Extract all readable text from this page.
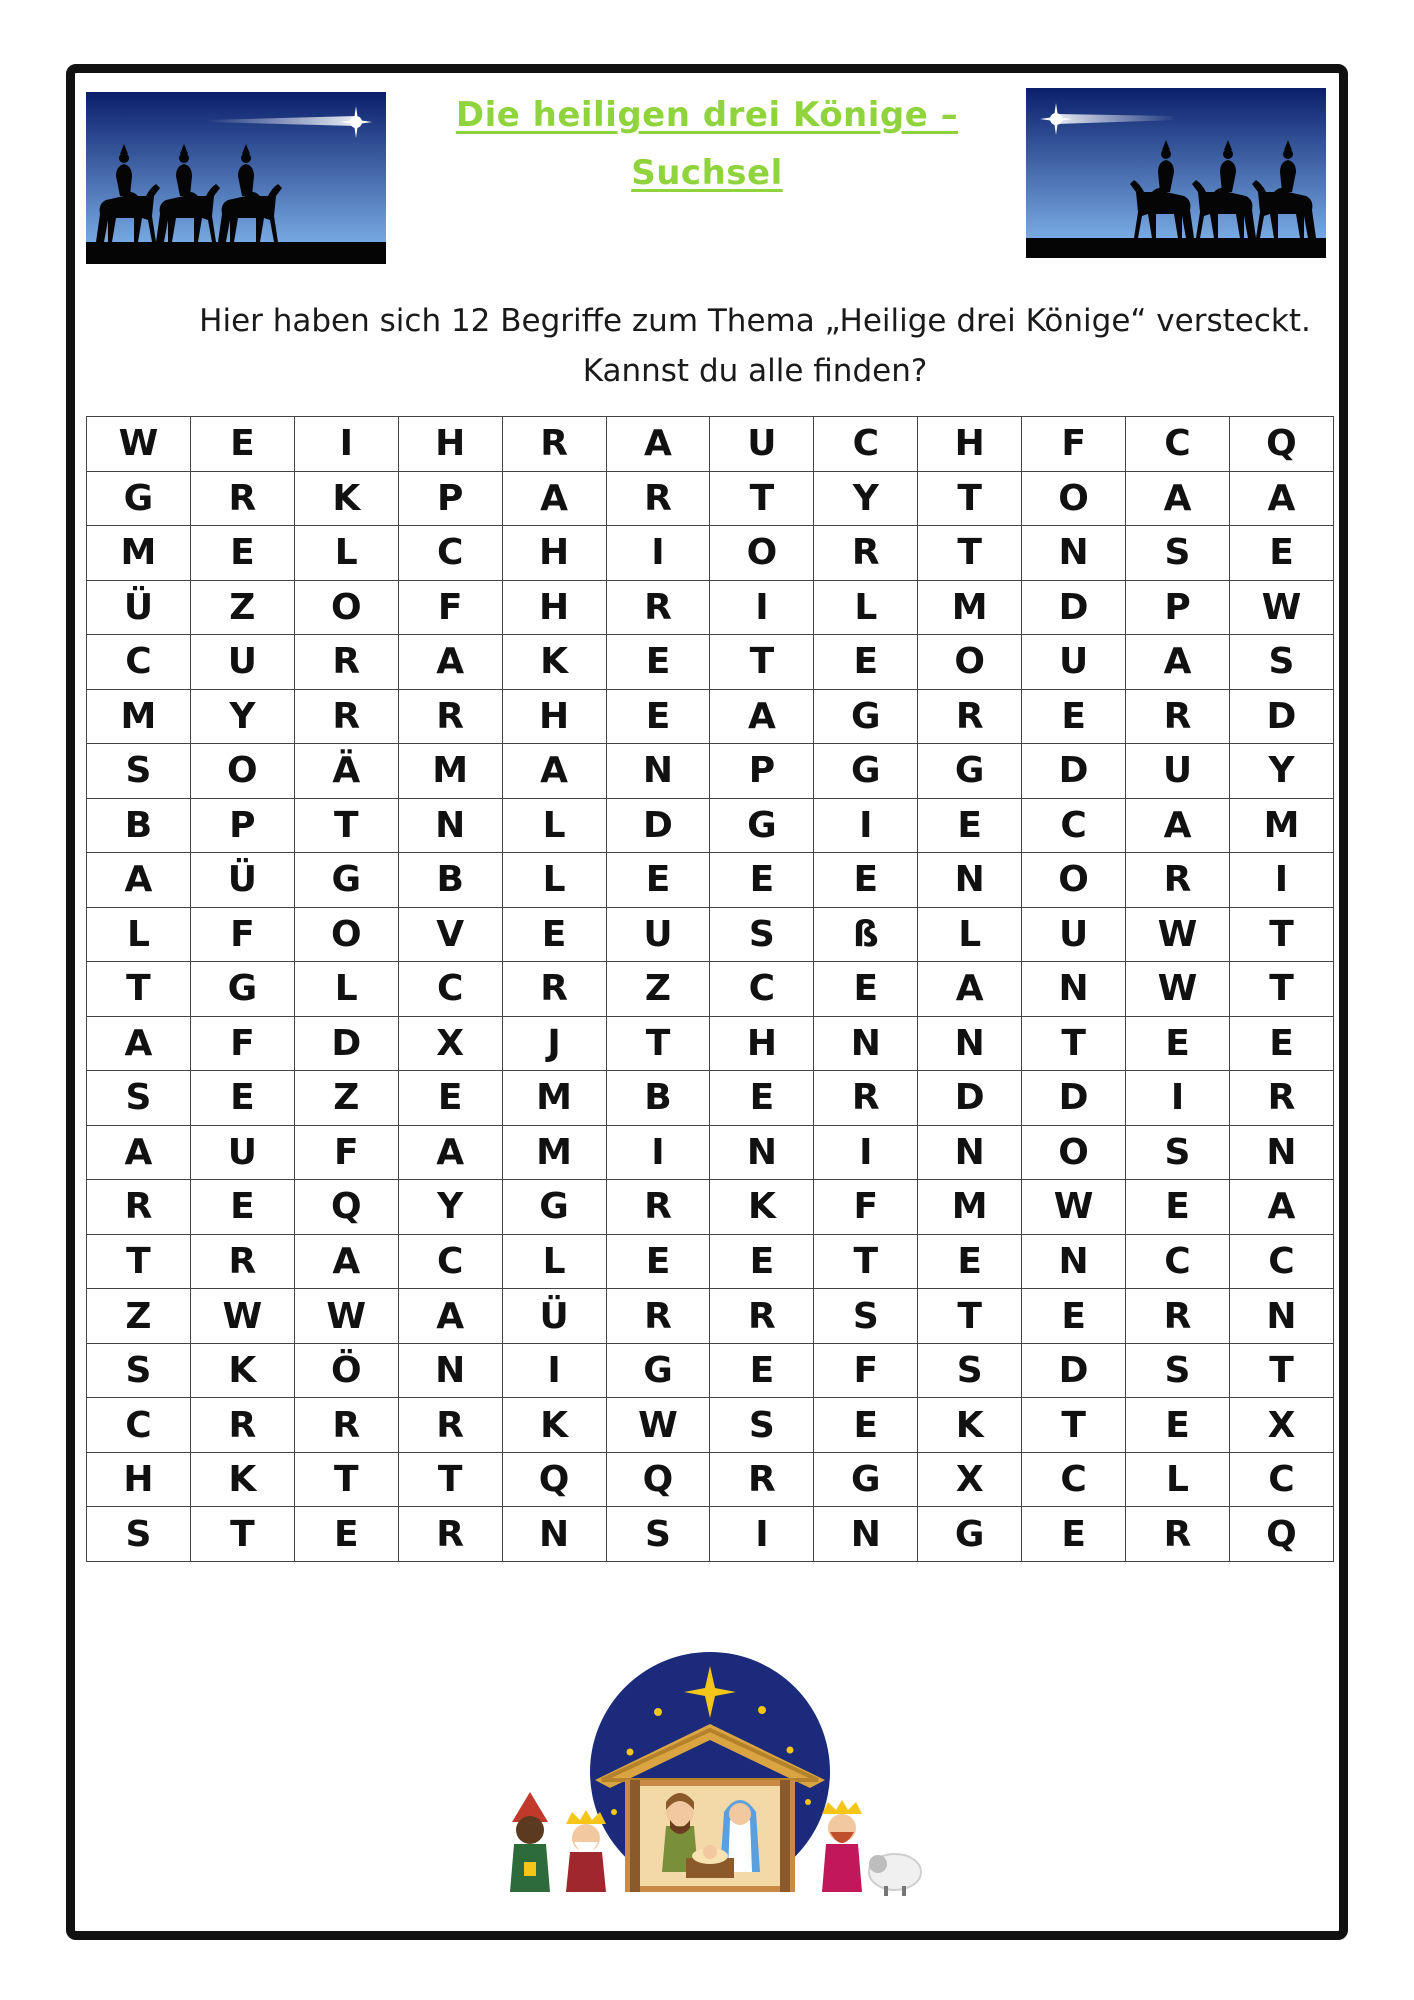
Die heiligen drei Könige –
Suchsel
Hier haben sich 12 Begriffe zum Thema „Heilige drei Könige“ versteckt.
Kannst du alle finden?
W	E	I	H	R	A	U	C	H	F	C	Q
G	R	K	P	A	R	T	Y	T	O	A	A
M	E	L	C	H	I	O	R	T	N	S	E
Ü	Z	O	F	H	R	I	L	M	D	P	W
C	U	R	A	K	E	T	E	O	U	A	S
M	Y	R	R	H	E	A	G	R	E	R	D
S	O	Ä	M	A	N	P	G	G	D	U	Y
B	P	T	N	L	D	G	I	E	C	A	M
A	Ü	G	B	L	E	E	E	N	O	R	I
L	F	O	V	E	U	S	ß	L	U	W	T
T	G	L	C	R	Z	C	E	A	N	W	T
A	F	D	X	J	T	H	N	N	T	E	E
S	E	Z	E	M	B	E	R	D	D	I	R
A	U	F	A	M	I	N	I	N	O	S	N
R	E	Q	Y	G	R	K	F	M	W	E	A
T	R	A	C	L	E	E	T	E	N	C	C
Z	W	W	A	Ü	R	R	S	T	E	R	N
S	K	Ö	N	I	G	E	F	S	D	S	T
C	R	R	R	K	W	S	E	K	T	E	X
H	K	T	T	Q	Q	R	G	X	C	L	C
S	T	E	R	N	S	I	N	G	E	R	Q
